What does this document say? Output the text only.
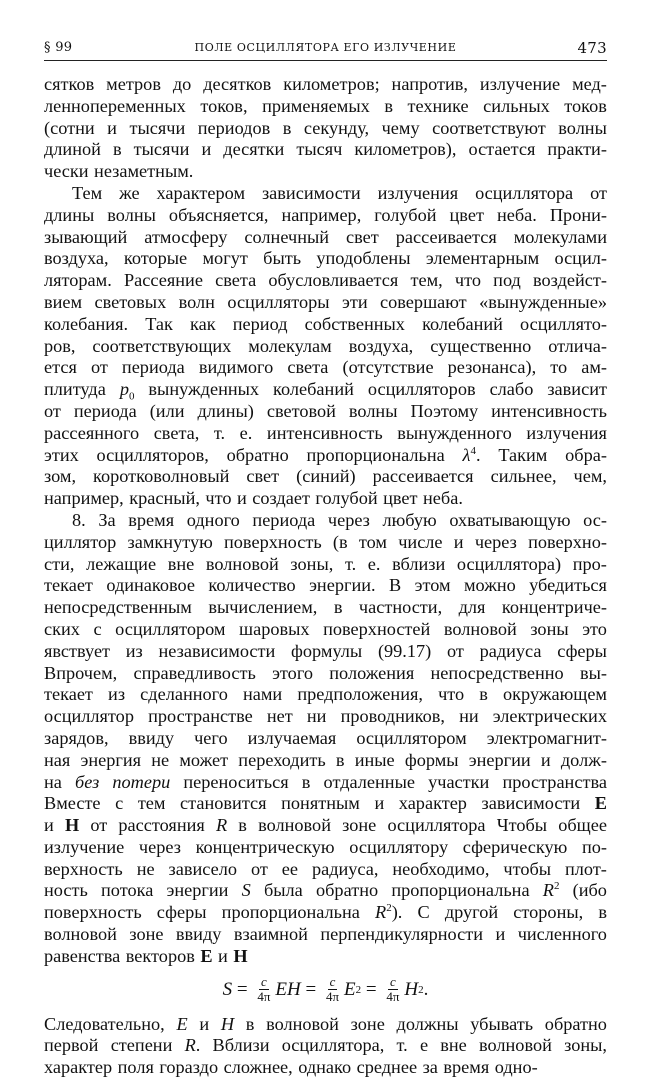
§ 99	ПОЛЕ ОСЦИЛЛЯТОРА ЕГО ИЗЛУЧЕНИЕ	473
сятков метров до десятков километров; напротив, излучение мед-
леннопеременных токов, применяемых в технике сильных токов
(сотни и тысячи периодов в секунду, чему соответствуют волны
длиной в тысячи и десятки тысяч километров), остается практи-
чески незаметным.
Тем же характером зависимости излучения осциллятора от
длины волны объясняется, например, голубой цвет неба. Прони-
зывающий атмосферу солнечный свет рассеивается молекулами
воздуха, которые могут быть уподоблены элементарным осцил-
ляторам. Рассеяние света обусловливается тем, что под воздейст-
вием световых волн осцилляторы эти совершают «вынужденные»
колебания. Так как период собственных колебаний осциллято-
ров, соответствующих молекулам воздуха, существенно отлича-
ется от периода видимого света (отсутствие резонанса), то ам-
плитуда $p_0$ вынужденных колебаний осцилляторов слабо зависит
от периода (или длины) световой волны Поэтому интенсивность
рассеянного света, т. е. интенсивность вынужденного излучения
этих осцилляторов, обратно пропорциональна $\lambda^4$. Таким обра-
зом, коротковолновый свет (синий) рассеивается сильнее, чем,
например, красный, что и создает голубой цвет неба.
8. За время одного периода через любую охватывающую ос-
циллятор замкнутую поверхность (в том числе и через поверхно-
сти, лежащие вне волновой зоны, т. е. вблизи осциллятора) про-
текает одинаковое количество энергии. В этом можно убедиться
непосредственным вычислением, в частности, для концентриче-
ских с осциллятором шаровых поверхностей волновой зоны это
явствует из независимости формулы (99.17) от радиуса сферы
Впрочем, справедливость этого положения непосредственно вы-
текает из сделанного нами предположения, что в окружающем
осциллятор пространстве нет ни проводников, ни электрических
зарядов, ввиду чего излучаемая осциллятором электромагнит-
ная энергия не может переходить в иные формы энергии и долж-
на без потери переноситься в отдаленные участки пространства
Вместе с тем становится понятным и характер зависимости E
и H от расстояния R в волновой зоне осциллятора Чтобы общее
излучение через концентрическую осциллятору сферическую по-
верхность не зависело от ее радиуса, необходимо, чтобы плот-
ность потока энергии S была обратно пропорциональна $R^2$ (ибо
поверхность сферы пропорциональна $R^2$). С другой стороны, в
волновой зоне ввиду взаимной перпендикулярности и численного
равенства векторов E и H
$S = \frac{c}{4\pi}$ EH = $\frac{c}{4\pi}$ E $2 = \frac{c}{4\pi}$ H 2 .
Следовательно, E и H в волновой зоне должны убывать обратно
первой степени R. Вблизи осциллятора, т. е вне волновой зоны,
характер поля гораздо сложнее, однако среднее за время одно-
